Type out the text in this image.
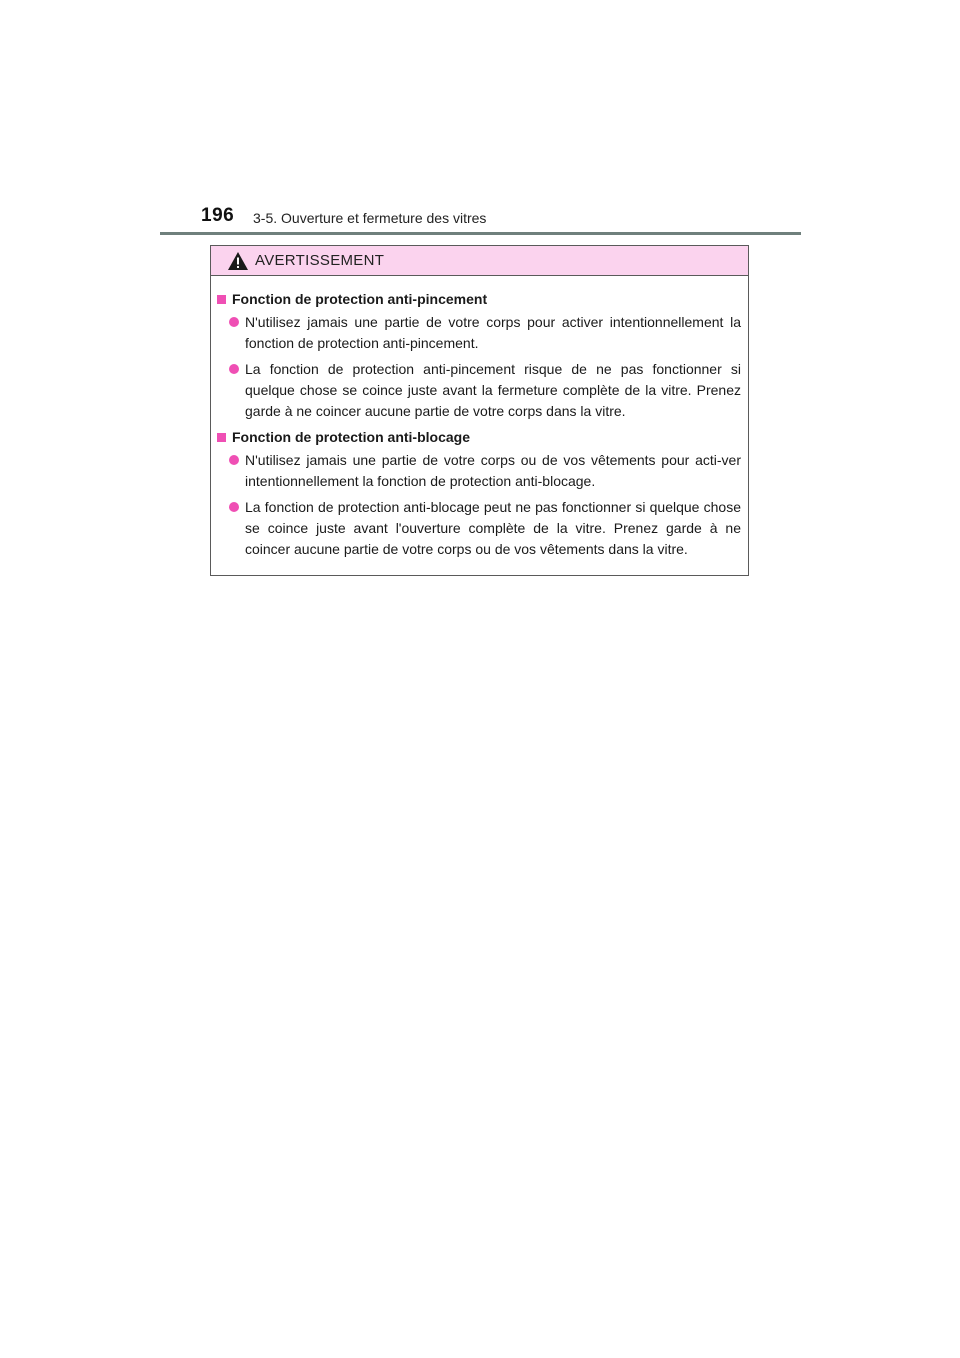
196 3-5. Ouverture et fermeture des vitres
AVERTISSEMENT
Fonction de protection anti-pincement
N'utilisez jamais une partie de votre corps pour activer intentionnellement la fonction de protection anti-pincement.
La fonction de protection anti-pincement risque de ne pas fonctionner si quelque chose se coince juste avant la fermeture complète de la vitre. Prenez garde à ne coincer aucune partie de votre corps dans la vitre.
Fonction de protection anti-blocage
N'utilisez jamais une partie de votre corps ou de vos vêtements pour acti-ver intentionnellement la fonction de protection anti-blocage.
La fonction de protection anti-blocage peut ne pas fonctionner si quelque chose se coince juste avant l'ouverture complète de la vitre. Prenez garde à ne coincer aucune partie de votre corps ou de vos vêtements dans la vitre.
